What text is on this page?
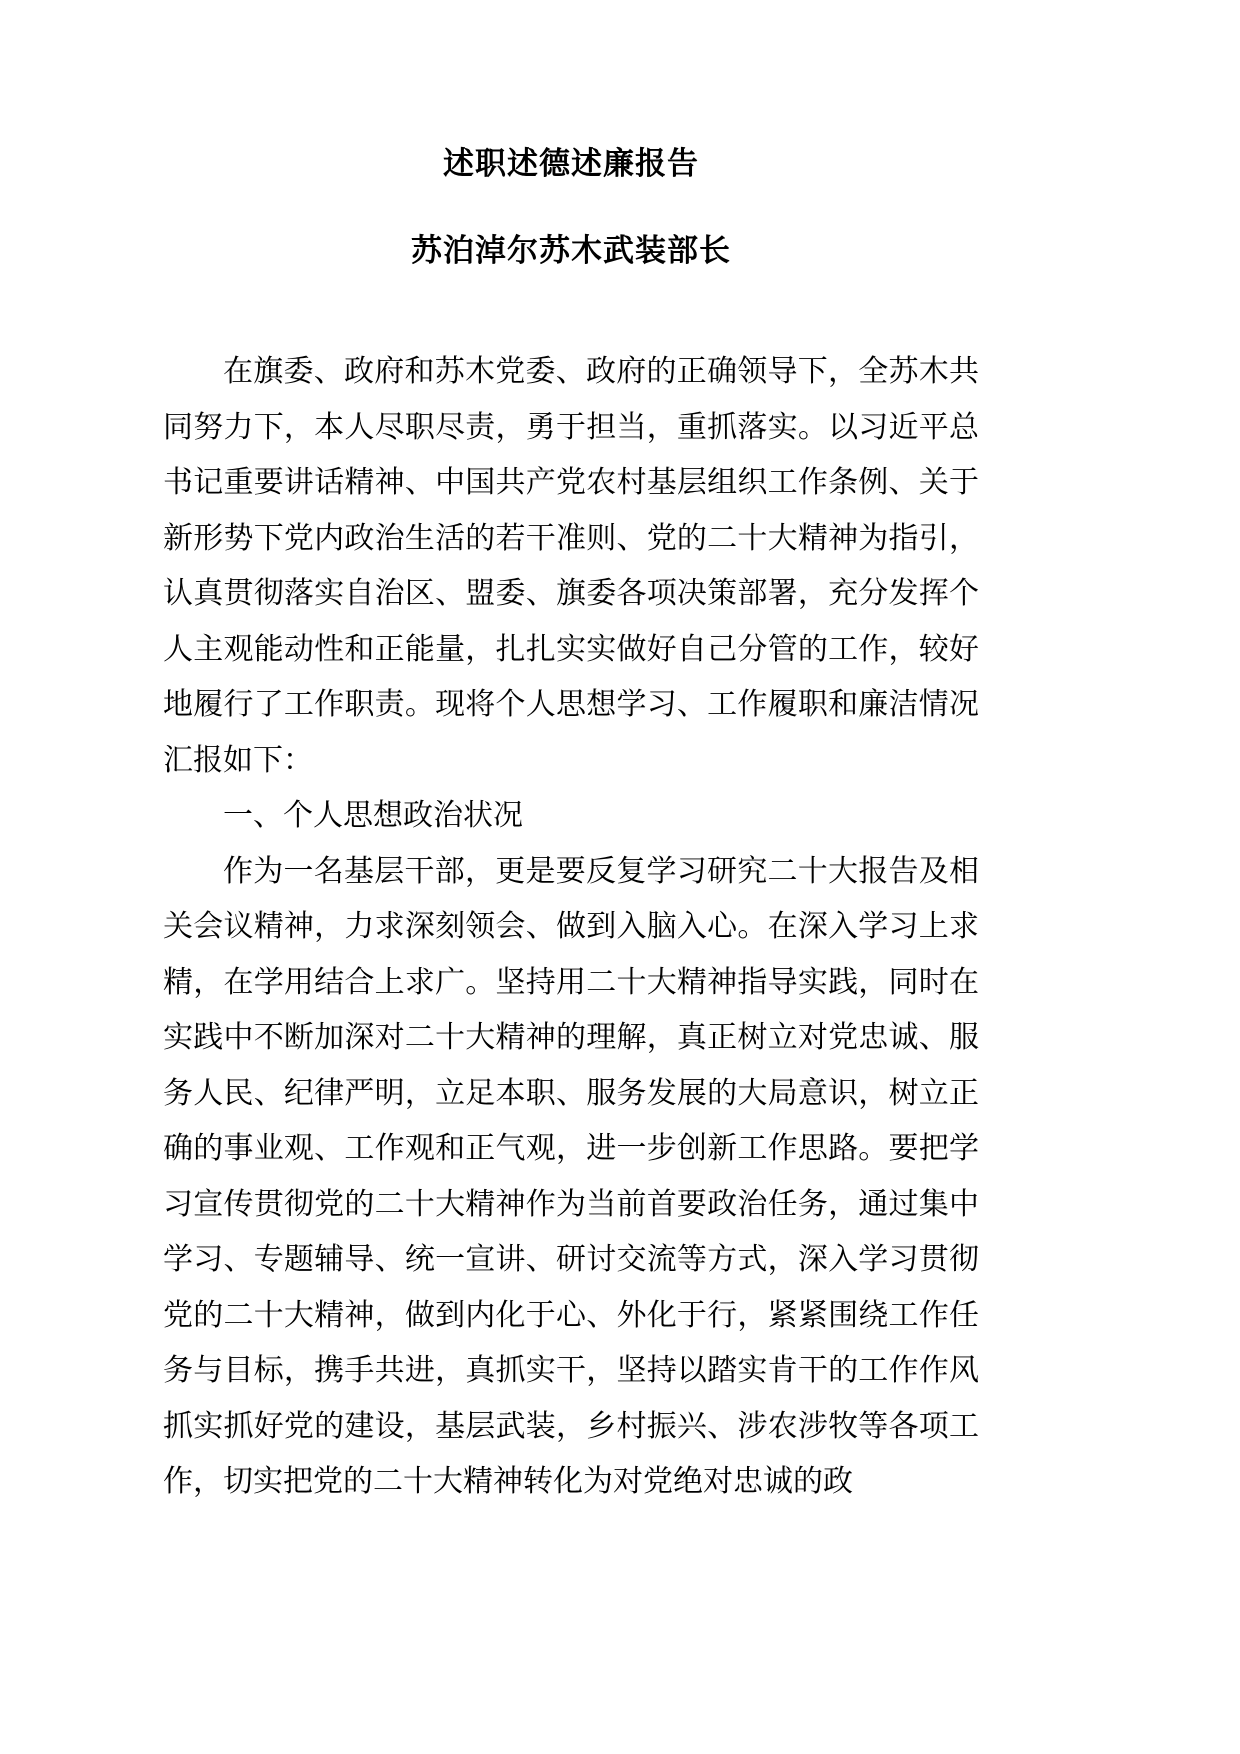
述职述德述廉报告
苏泊淖尔苏木武装部长

在旗委、政府和苏木党委、政府的正确领导下，全苏木共同努力下，本人尽职尽责，勇于担当，重抓落实。以习近平总书记重要讲话精神、中国共产党农村基层组织工作条例、关于新形势下党内政治生活的若干准则、党的二十大精神为指引，认真贯彻落实自治区、盟委、旗委各项决策部署，充分发挥个人主观能动性和正能量，扎扎实实做好自己分管的工作，较好地履行了工作职责。现将个人思想学习、工作履职和廉洁情况汇报如下：

一、个人思想政治状况

作为一名基层干部，更是要反复学习研究二十大报告及相关会议精神，力求深刻领会、做到入脑入心。在深入学习上求精，在学用结合上求广。坚持用二十大精神指导实践，同时在实践中不断加深对二十大精神的理解，真正树立对党忠诚、服务人民、纪律严明，立足本职、服务发展的大局意识，树立正确的事业观、工作观和正气观，进一步创新工作思路。要把学习宣传贯彻党的二十大精神作为当前首要政治任务，通过集中学习、专题辅导、统一宣讲、研讨交流等方式，深入学习贯彻党的二十大精神，做到内化于心、外化于行，紧紧围绕工作任务与目标，携手共进，真抓实干，坚持以踏实肯干的工作作风抓实抓好党的建设，基层武装，乡村振兴、涉农涉牧等各项工作，切实把党的二十大精神转化为对党绝对忠诚的政
